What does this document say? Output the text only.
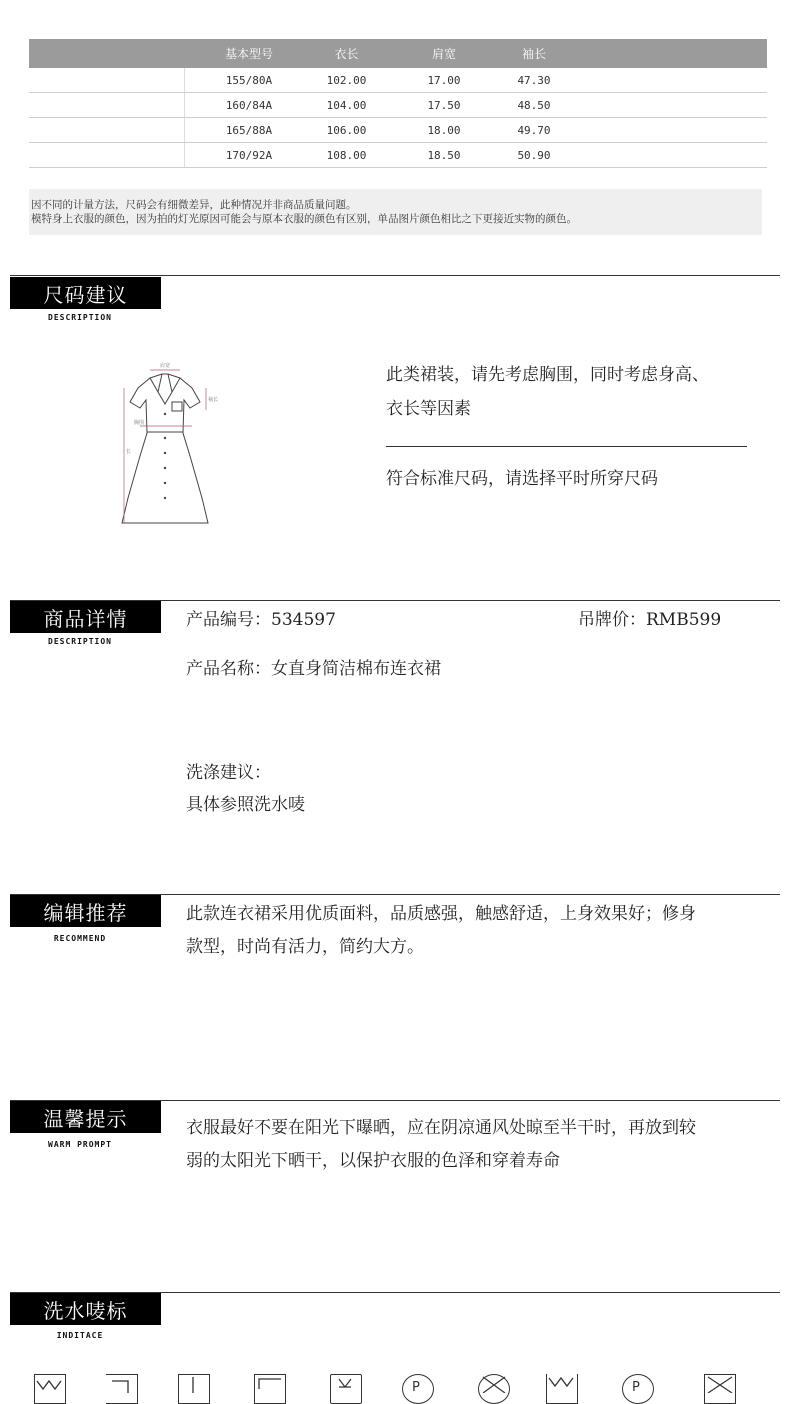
基本型号	衣长	肩宽	袖长
155/80A	102.00	17.00	47.30
160/84A	104.00	17.50	48.50
165/88A	106.00	18.00	49.70
170/92A	108.00	18.50	50.90
因不同的计量方法，尺码会有细微差异，此种情况并非商品质量问题。
模特身上衣服的颜色，因为拍的灯光原因可能会与原本衣服的颜色有区别，单品图片颜色相比之下更接近实物的颜色。
尺码建议
DESCRIPTION
肩宽
袖长
胸围
长
此类裙装，请先考虑胸围，同时考虑身高、
衣长等因素
符合标准尺码，请选择平时所穿尺码
商品详情
DESCRIPTION
产品编号：534597	吊牌价：RMB599
产品名称：女直身简洁棉布连衣裙
洗涤建议：
具体参照洗水唛
编辑推荐
RECOMMEND
此款连衣裙采用优质面料，品质感强，触感舒适，上身效果好；修身
款型，时尚有活力，简约大方。
温馨提示
WARM PROMPT
衣服最好不要在阳光下曝晒，应在阴凉通风处晾至半干时，再放到较
弱的太阳光下晒干，以保护衣服的色泽和穿着寿命
洗水唛标
INDITACE
P	P
